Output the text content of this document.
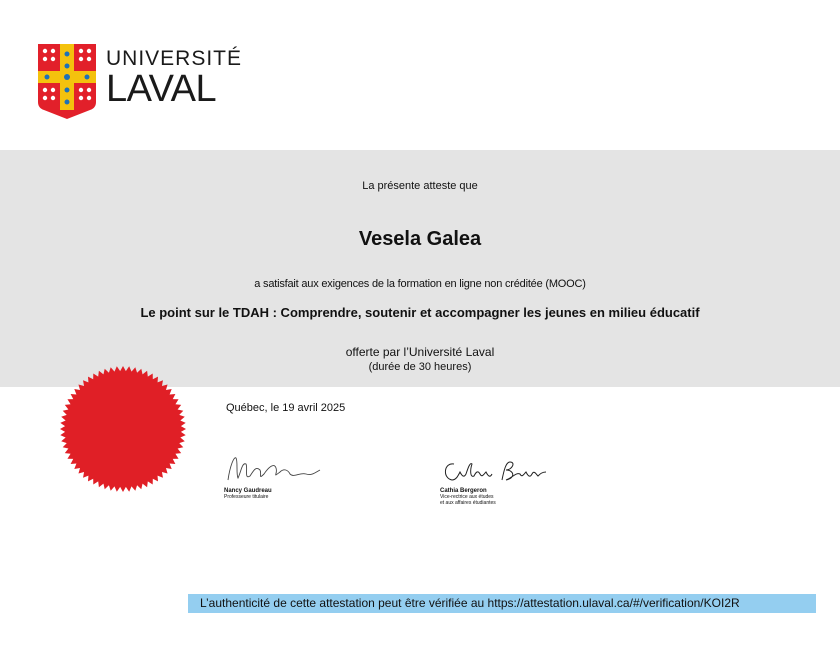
UNIVERSITÉ
LAVAL
La présente atteste que
Vesela Galea
a satisfait aux exigences de la formation en ligne non créditée (MOOC)
Le point sur le TDAH : Comprendre, soutenir et accompagner les jeunes en milieu éducatif
offerte par l’Université Laval
(durée de 30 heures)
Québec, le 19 avril 2025
Nancy Gaudreau
Professeure titulaire
Cathia Bergeron
Vice-rectrice aux études
et aux affaires étudiantes
L’authenticité de cette attestation peut être vérifiée au https://attestation.ulaval.ca/#/verification/KOI2R
